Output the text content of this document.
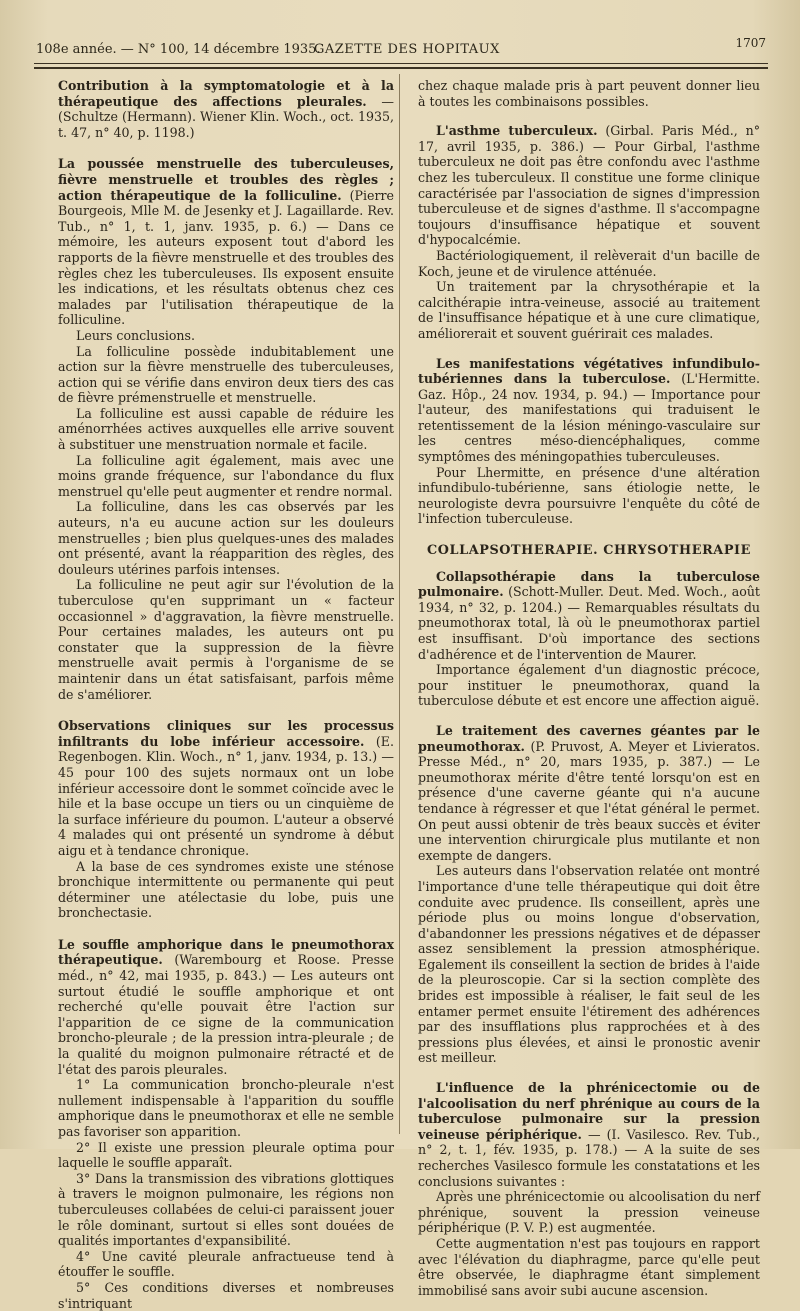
108e année. — N° 100, 14 décembre 1935.
GAZETTE DES HOPITAUX	1707

Contribution à la symptomatologie et à la thérapeutique des affections pleurales. — (Schultze (Hermann). Wiener Klin. Woch., oct. 1935, t. 47, n° 40, p. 1198.)

La poussée menstruelle des tuberculeuses, fièvre menstruelle et troubles des règles ; action thérapeutique de la folliculine. (Pierre Bourgeois, Mlle M. de Jesenky et J. Lagaillarde. Rev. Tub., n° 1, t. 1, janv. 1935, p. 6.) — Dans ce mémoire, les auteurs exposent tout d'abord les rapports de la fièvre menstruelle et des troubles des règles chez les tuberculeuses. Ils exposent ensuite les indications, et les résultats obtenus chez ces malades par l'utilisation thérapeutique de la folliculine.

Leurs conclusions.

La folliculine possède indubitablement une action sur la fièvre menstruelle des tuberculeuses, action qui se vérifie dans environ deux tiers des cas de fièvre prémenstruelle et menstruelle.

La folliculine est aussi capable de réduire les aménorrhées actives auxquelles elle arrive souvent à substituer une menstruation normale et facile.

La folliculine agit également, mais avec une moins grande fréquence, sur l'abondance du flux menstruel qu'elle peut augmenter et rendre normal.

La folliculine, dans les cas observés par les auteurs, n'a eu aucune action sur les douleurs menstruelles ; bien plus quelques-unes des malades ont présenté, avant la réapparition des règles, des douleurs utérines parfois intenses.

La folliculine ne peut agir sur l'évolution de la tuberculose qu'en supprimant un « facteur occasionnel » d'aggravation, la fièvre menstruelle. Pour certaines malades, les auteurs ont pu constater que la suppression de la fièvre menstruelle avait permis à l'organisme de se maintenir dans un état satisfaisant, parfois même de s'améliorer.

Observations cliniques sur les processus infiltrants du lobe inférieur accessoire. (E. Regenbogen. Klin. Woch., n° 1, janv. 1934, p. 13.) — 45 pour 100 des sujets normaux ont un lobe inférieur accessoire dont le sommet coïncide avec le hile et la base occupe un tiers ou un cinquième de la surface inférieure du poumon. L'auteur a observé 4 malades qui ont présenté un syndrome à début aigu et à tendance chronique.

A la base de ces syndromes existe une sténose bronchique intermittente ou permanente qui peut déterminer une atélectasie du lobe, puis une bronchectasie.

Le souffle amphorique dans le pneumothorax thérapeutique. (Warembourg et Roose. Presse méd., n° 42, mai 1935, p. 843.) — Les auteurs ont surtout étudié le souffle amphorique et ont recherché qu'elle pouvait être l'action sur l'apparition de ce signe de la communication broncho-pleurale ; de la pression intra-pleurale ; de la qualité du moignon pulmonaire rétracté et de l'état des parois pleurales.

1° La communication broncho-pleurale n'est nullement indispensable à l'apparition du souffle amphorique dans le pneumothorax et elle ne semble pas favoriser son apparition.

2° Il existe une pression pleurale optima pour laquelle le souffle apparaît.

3° Dans la transmission des vibrations glottiques à travers le moignon pulmonaire, les régions non tuberculeuses collabées de celui-ci paraissent jouer le rôle dominant, surtout si elles sont douées de qualités importantes d'expansibilité.

4° Une cavité pleurale anfractueuse tend à étouffer le souffle.

5° Ces conditions diverses et nombreuses s'intriquant

chez chaque malade pris à part peuvent donner lieu à toutes les combinaisons possibles.

L'asthme tuberculeux. (Girbal. Paris Méd., n° 17, avril 1935, p. 386.) — Pour Girbal, l'asthme tuberculeux ne doit pas être confondu avec l'asthme chez les tuberculeux. Il constitue une forme clinique caractérisée par l'association de signes d'impression tuberculeuse et de signes d'asthme. Il s'accompagne toujours d'insuffisance hépatique et souvent d'hypocalcémie.

Bactériologiquement, il relèverait d'un bacille de Koch, jeune et de virulence atténuée.

Un traitement par la chrysothérapie et la calcithérapie intra-veineuse, associé au traitement de l'insuffisance hépatique et à une cure climatique, améliorerait et souvent guérirait ces malades.

Les manifestations végétatives infundibulo-tubériennes dans la tuberculose. (L'Hermitte. Gaz. Hôp., 24 nov. 1934, p. 94.) — Importance pour l'auteur, des manifestations qui traduisent le retentissement de la lésion méningo-vasculaire sur les centres méso-diencéphaliques, comme symptômes des méningopathies tuberculeuses.

Pour Lhermitte, en présence d'une altération infundibulo-tubérienne, sans étiologie nette, le neurologiste devra poursuivre l'enquête du côté de l'infection tuberculeuse.

COLLAPSOTHERAPIE. CHRYSOTHERAPIE

Collapsothérapie dans la tuberculose pulmonaire. (Schott-Muller. Deut. Med. Woch., août 1934, n° 32, p. 1204.) — Remarquables résultats du pneumothorax total, là où le pneumothorax partiel est insuffisant. D'où importance des sections d'adhérence et de l'intervention de Maurer.

Importance également d'un diagnostic précoce, pour instituer le pneumothorax, quand la tuberculose débute et est encore une affection aiguë.

Le traitement des cavernes géantes par le pneumothorax. (P. Pruvost, A. Meyer et Livieratos. Presse Méd., n° 20, mars 1935, p. 387.) — Le pneumothorax mérite d'être tenté lorsqu'on est en présence d'une caverne géante qui n'a aucune tendance à régresser et que l'état général le permet. On peut aussi obtenir de très beaux succès et éviter une intervention chirurgicale plus mutilante et non exempte de dangers.

Les auteurs dans l'observation relatée ont montré l'importance d'une telle thérapeutique qui doit être conduite avec prudence. Ils conseillent, après une période plus ou moins longue d'observation, d'abandonner les pressions négatives et de dépasser assez sensiblement la pression atmosphérique. Egalement ils conseillent la section de brides à l'aide de la pleuroscopie. Car si la section complète des brides est impossible à réaliser, le fait seul de les entamer permet ensuite l'étirement des adhérences par des insufflations plus rapprochées et à des pressions plus élevées, et ainsi le pronostic avenir est meilleur.

L'influence de la phrénicectomie ou de l'alcoolisation du nerf phrénique au cours de la tuberculose pulmonaire sur la pression veineuse périphérique. — (I. Vasilesco. Rev. Tub., n° 2, t. 1, fév. 1935, p. 178.) — A la suite de ses recherches Vasilesco formule les constatations et les conclusions suivantes :

Après une phrénicectomie ou alcoolisation du nerf phrénique, souvent la pression veineuse périphérique (P. V. P.) est augmentée.

Cette augmentation n'est pas toujours en rapport avec l'élévation du diaphragme, parce qu'elle peut être observée, le diaphragme étant simplement immobilisé sans avoir subi aucune ascension.
